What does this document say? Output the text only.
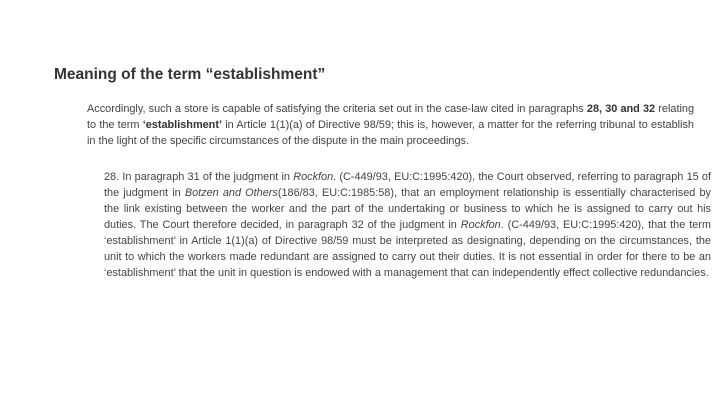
Meaning of the term “establishment”

Accordingly, such a store is capable of satisfying the criteria set out in the case-law cited in paragraphs 28, 30 and 32 relating to the term ‘establishment’ in Article 1(1)(a) of Directive 98/59; this is, however, a matter for the referring tribunal to establish in the light of the specific circumstances of the dispute in the main proceedings.

28. In paragraph 31 of the judgment in Rockfon. (C‑449/93, EU:C:1995:420), the Court observed, referring to paragraph 15 of the judgment in Botzen and Others(186/83, EU:C:1985:58), that an employment relationship is essentially characterised by the link existing between the worker and the part of the undertaking or business to which he is assigned to carry out his duties. The Court therefore decided, in paragraph 32 of the judgment in Rockfon. (C‑449/93, EU:C:1995:420), that the term ‘establishment’ in Article 1(1)(a) of Directive 98/59 must be interpreted as designating, depending on the circumstances, the unit to which the workers made redundant are assigned to carry out their duties. It is not essential in order for there to be an ‘establishment’ that the unit in question is endowed with a management that can independently effect collective redundancies.
